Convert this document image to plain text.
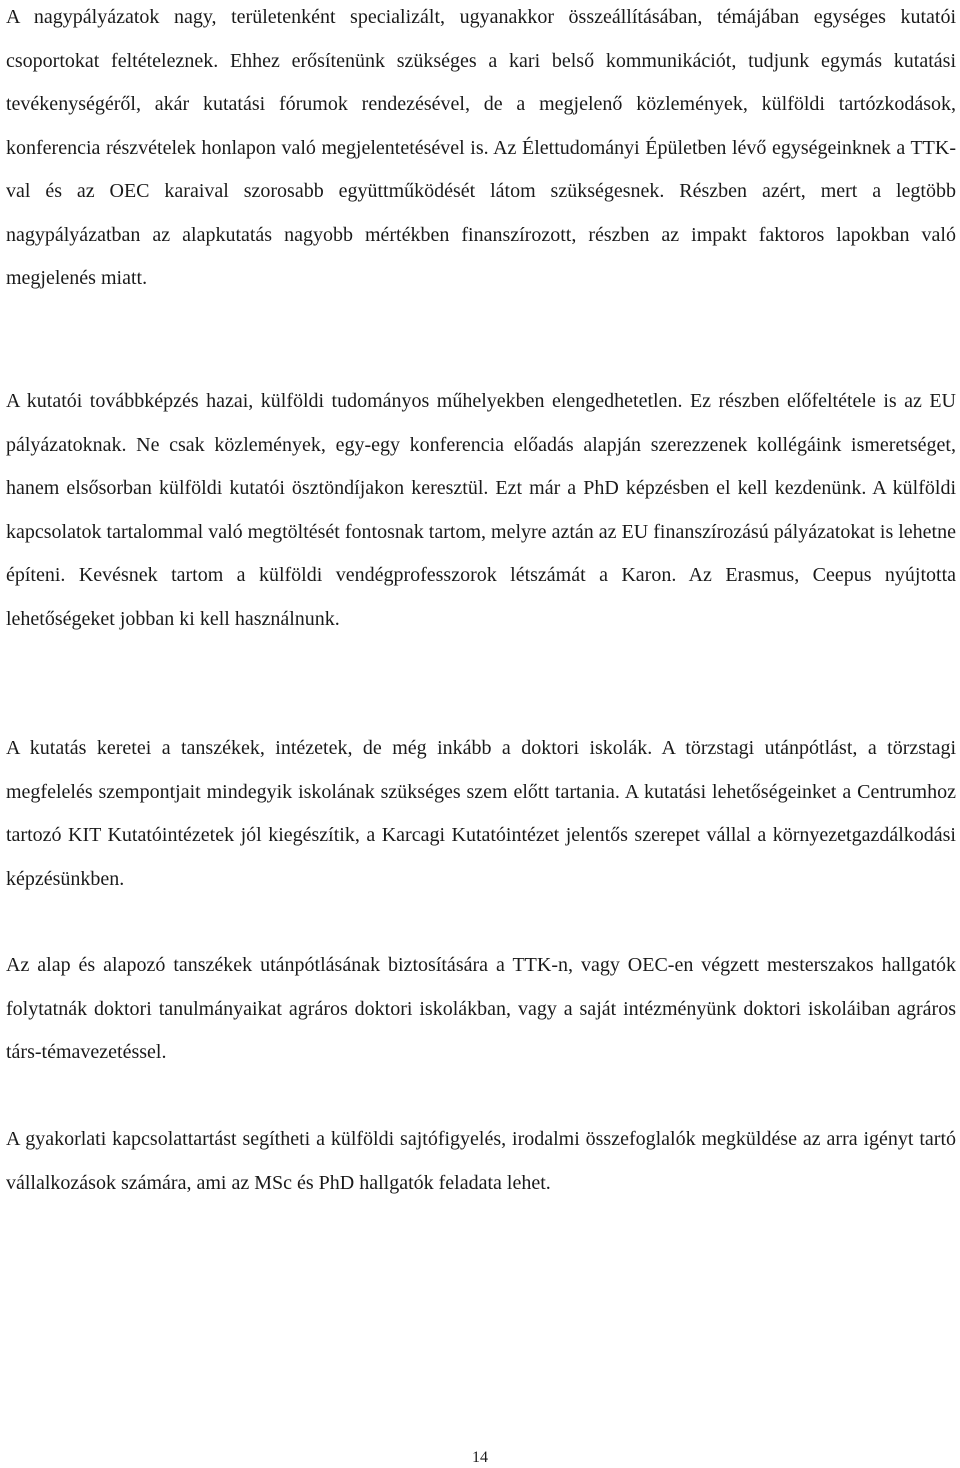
A nagypályázatok nagy, területenként specializált, ugyanakkor összeállításában, témájában egységes kutatói csoportokat feltételeznek. Ehhez erősítenünk szükséges a kari belső kommunikációt, tudjunk egymás kutatási tevékenységéről, akár kutatási fórumok rendezésével, de a megjelenő közlemények, külföldi tartózkodások, konferencia részvételek honlapon való megjelentetésével is. Az Élettudományi Épületben lévő egységeinknek a TTK-val és az OEC karaival szorosabb együttműködését látom szükségesnek. Részben azért, mert a legtöbb nagypályázatban az alapkutatás nagyobb mértékben finanszírozott, részben az impakt faktoros lapokban való megjelenés miatt.

A kutatói továbbképzés hazai, külföldi tudományos műhelyekben elengedhetetlen. Ez részben előfeltétele is az EU pályázatoknak. Ne csak közlemények, egy-egy konferencia előadás alapján szerezzenek kollégáink ismeretséget, hanem elsősorban külföldi kutatói ösztöndíjakon keresztül. Ezt már a PhD képzésben el kell kezdenünk. A külföldi kapcsolatok tartalommal való megtöltését fontosnak tartom, melyre aztán az EU finanszírozású pályázatokat is lehetne építeni. Kevésnek tartom a külföldi vendégprofesszorok létszámát a Karon. Az Erasmus, Ceepus nyújtotta lehetőségeket jobban ki kell használnunk.

A kutatás keretei a tanszékek, intézetek, de még inkább a doktori iskolák. A törzstagi utánpótlást, a törzstagi megfelelés szempontjait mindegyik iskolának szükséges szem előtt tartania. A kutatási lehetőségeinket a Centrumhoz tartozó KIT Kutatóintézetek jól kiegészítik, a Karcagi Kutatóintézet jelentős szerepet vállal a környezetgazdálkodási képzésünkben.

Az alap és alapozó tanszékek utánpótlásának biztosítására a TTK-n, vagy OEC-en végzett mesterszakos hallgatók folytatnák doktori tanulmányaikat agráros doktori iskolákban, vagy a saját intézményünk doktori iskoláiban agráros társ-témavezetéssel.

A gyakorlati kapcsolattartást segítheti a külföldi sajtófigyelés, irodalmi összefoglalók megküldése az arra igényt tartó vállalkozások számára, ami az MSc és PhD hallgatók feladata lehet.

14
